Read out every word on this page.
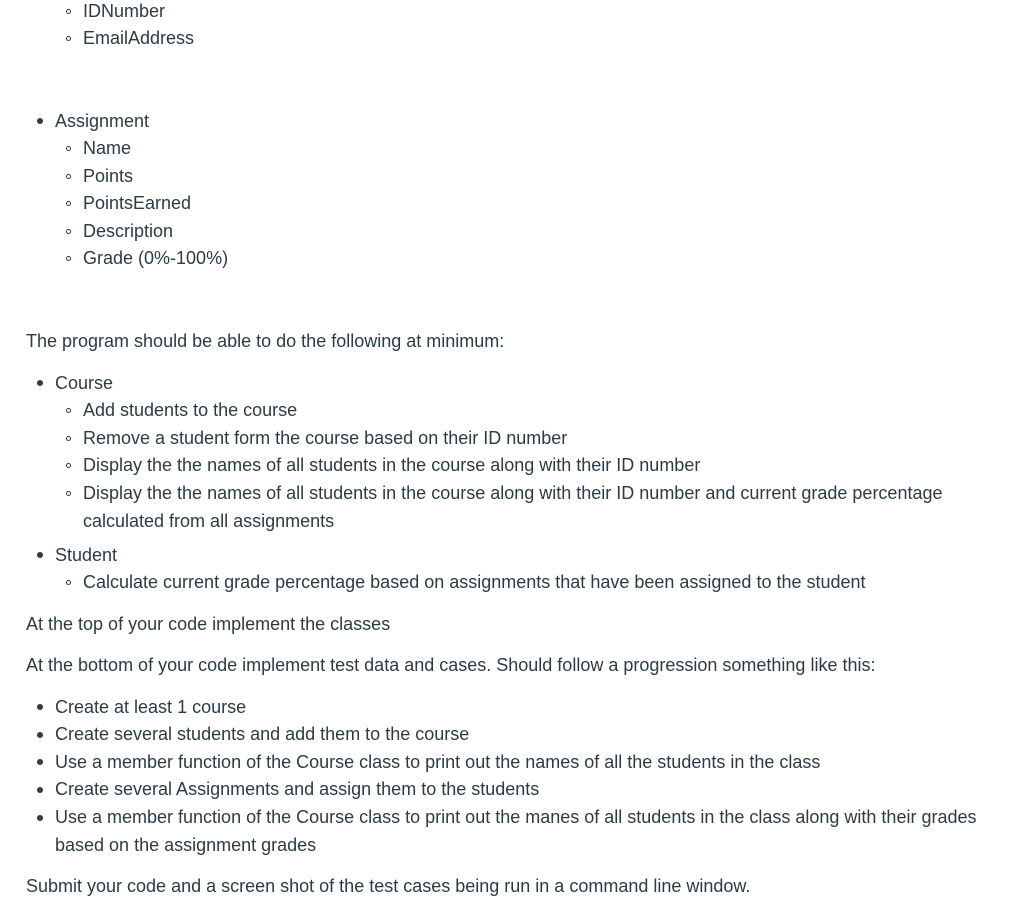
IDNumber
EmailAddress
Assignment
Name
Points
PointsEarned
Description
Grade (0%-100%)
The program should be able to do the following at minimum:
Course
Add students to the course
Remove a student form the course based on their ID number
Display the the names of all students in the course along with their ID number
Display the the names of all students in the course along with their ID number and current grade percentage
calculated from all assignments
Student
Calculate current grade percentage based on assignments that have been assigned to the student
At the top of your code implement the classes
At the bottom of your code implement test data and cases. Should follow a progression something like this:
Create at least 1 course
Create several students and add them to the course
Use a member function of the Course class to print out the names of all the students in the class
Create several Assignments and assign them to the students
Use a member function of the Course class to print out the manes of all students in the class along with their grades
based on the assignment grades
Submit your code and a screen shot of the test cases being run in a command line window.
